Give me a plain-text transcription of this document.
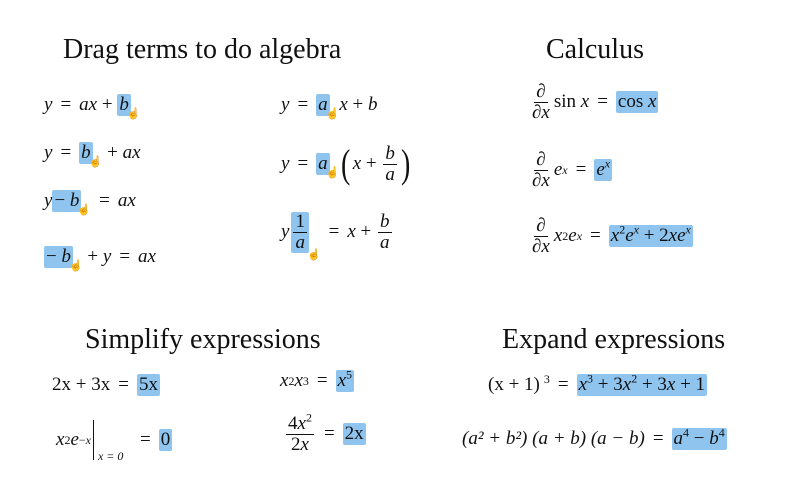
Drag terms to do algebra	Calculus
Simplify expressions	Expand expressions
y = ax
+
b
☝
y = b
☝
+
ax
y − b
☝ = ax
− b
☝
+
y = ax
y = a
☝ x
+
b
y = a
☝ ( x
+
$\frac{b}{a}$ )
y $\frac{1}{a}$
☝
= x
+
$\frac{b}{a}$
$\frac{\partial}{\partial x}$ sin
x = cos x
$\frac{\partial}{\partial x}$ e $x = e^x$
$\frac{\partial}{\partial x}$ x 2 e $x = x^2e^x + 2xe^x$
2x + 3x = 5x	x 2 x $3 = x^5$
x 2 e −x
x = 0
= 0	$\frac{4x^2}{2x} = 2x$
(x + 1) $^3 = x^3 + 3x^2 + 3x + 1$
(a² + b²) (a + b) $(a - b) = a^4 - b^4$
